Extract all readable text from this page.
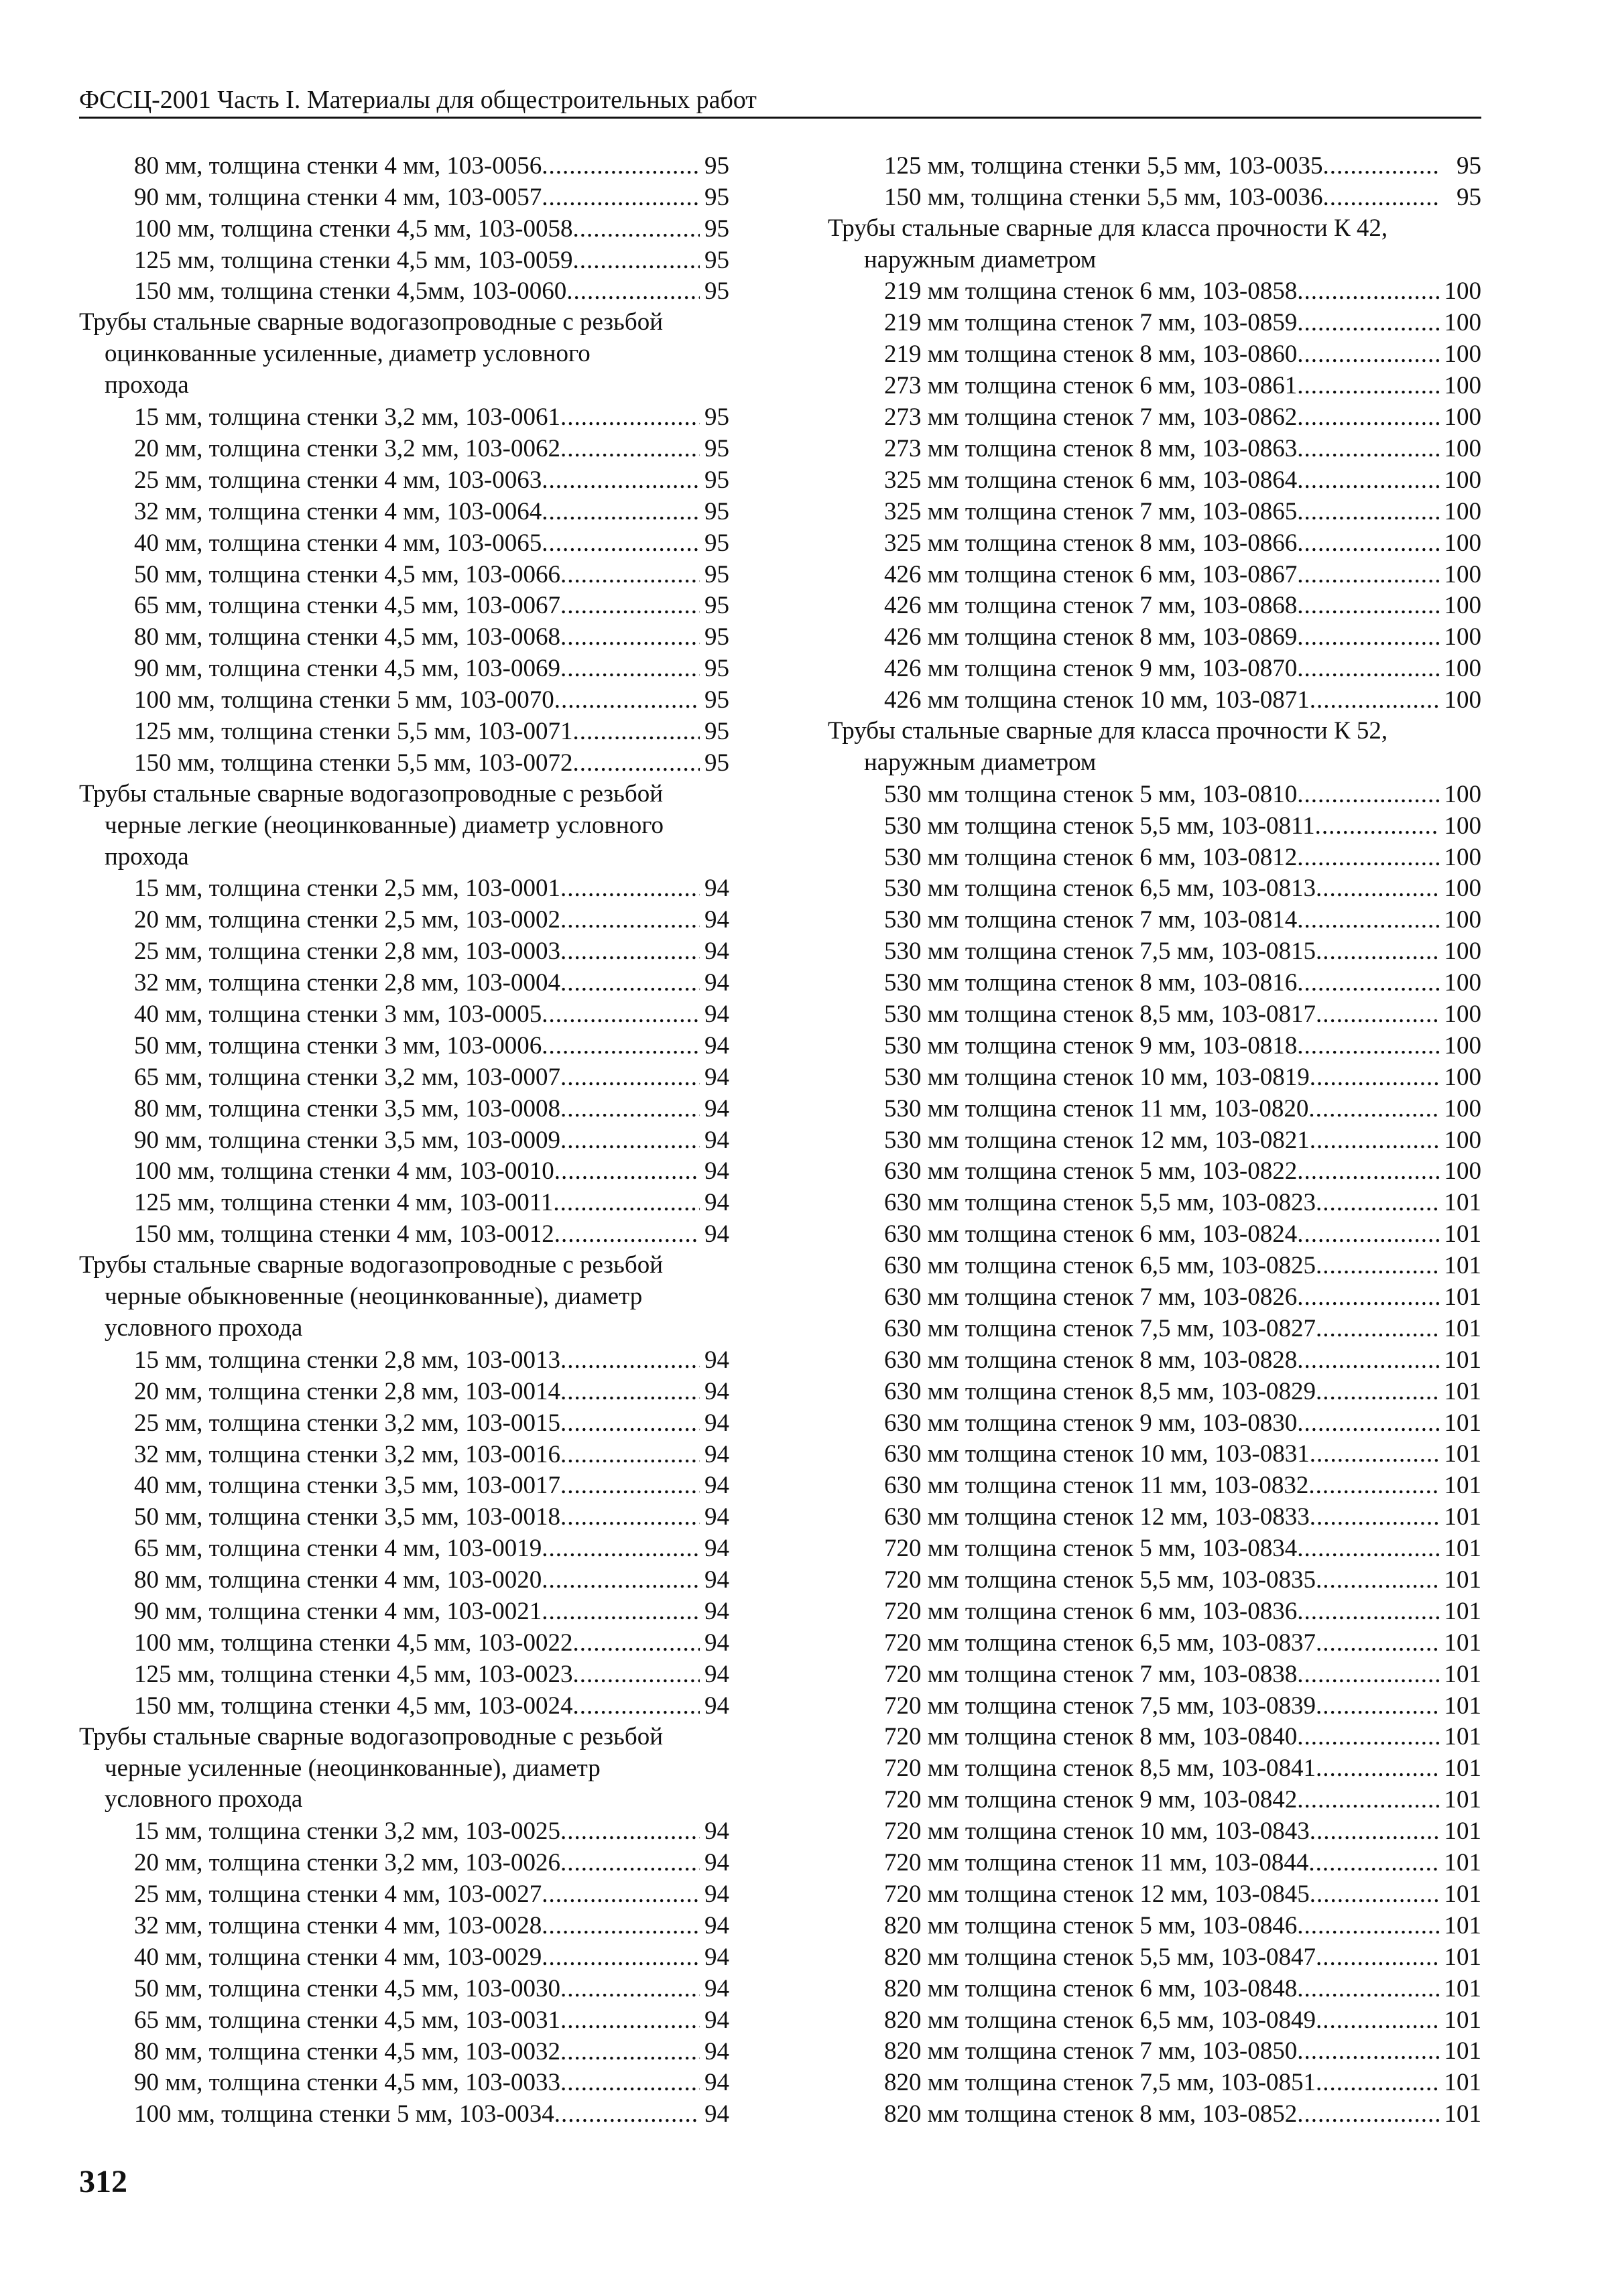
ФССЦ-2001 Часть I. Материалы для общестроительных работ
80 мм, толщина стенки 4 мм, 103-0056 .....	95
90 мм, толщина стенки 4 мм, 103-0057 .....	95
100 мм, толщина стенки 4,5 мм, 103-0058 .....	95
125 мм, толщина стенки 4,5 мм, 103-0059 .....	95
150 мм, толщина стенки 4,5мм, 103-0060 .....	95
Трубы стальные сварные водогазопроводные с резьбой
оцинкованные усиленные, диаметр условного
прохода
15 мм, толщина стенки 3,2 мм, 103-0061 .....	95
20 мм, толщина стенки 3,2 мм, 103-0062 .....	95
25 мм, толщина стенки 4 мм, 103-0063 .....	95
32 мм, толщина стенки 4 мм, 103-0064 .....	95
40 мм, толщина стенки 4 мм, 103-0065 .....	95
50 мм, толщина стенки 4,5 мм, 103-0066 .....	95
65 мм, толщина стенки 4,5 мм, 103-0067 .....	95
80 мм, толщина стенки 4,5 мм, 103-0068 .....	95
90 мм, толщина стенки 4,5 мм, 103-0069 .....	95
100 мм, толщина стенки 5 мм, 103-0070 .....	95
125 мм, толщина стенки 5,5 мм, 103-0071 .....	95
150 мм, толщина стенки 5,5 мм, 103-0072 .....	95
Трубы стальные сварные водогазопроводные с резьбой
черные легкие (неоцинкованные) диаметр условного
прохода
15 мм, толщина стенки 2,5 мм, 103-0001 .....	94
20 мм, толщина стенки 2,5 мм, 103-0002 .....	94
25 мм, толщина стенки 2,8 мм, 103-0003 .....	94
32 мм, толщина стенки 2,8 мм, 103-0004 .....	94
40 мм, толщина стенки 3 мм, 103-0005 .....	94
50 мм, толщина стенки 3 мм, 103-0006 .....	94
65 мм, толщина стенки 3,2 мм, 103-0007 .....	94
80 мм, толщина стенки 3,5 мм, 103-0008 .....	94
90 мм, толщина стенки 3,5 мм, 103-0009 .....	94
100 мм, толщина стенки 4 мм, 103-0010 .....	94
125 мм, толщина стенки 4 мм, 103-0011 .....	94
150 мм, толщина стенки 4 мм, 103-0012 .....	94
Трубы стальные сварные водогазопроводные с резьбой
черные обыкновенные (неоцинкованные), диаметр
условного прохода
15 мм, толщина стенки 2,8 мм, 103-0013 .....	94
20 мм, толщина стенки 2,8 мм, 103-0014 .....	94
25 мм, толщина стенки 3,2 мм, 103-0015 .....	94
32 мм, толщина стенки 3,2 мм, 103-0016 .....	94
40 мм, толщина стенки 3,5 мм, 103-0017 .....	94
50 мм, толщина стенки 3,5 мм, 103-0018 .....	94
65 мм, толщина стенки 4 мм, 103-0019 .....	94
80 мм, толщина стенки 4 мм, 103-0020 .....	94
90 мм, толщина стенки 4 мм, 103-0021 .....	94
100 мм, толщина стенки 4,5 мм, 103-0022 .....	94
125 мм, толщина стенки 4,5 мм, 103-0023 .....	94
150 мм, толщина стенки 4,5 мм, 103-0024 .....	94
Трубы стальные сварные водогазопроводные с резьбой
черные усиленные (неоцинкованные), диаметр
условного прохода
15 мм, толщина стенки 3,2 мм, 103-0025 .....	94
20 мм, толщина стенки 3,2 мм, 103-0026 .....	94
25 мм, толщина стенки 4 мм, 103-0027 .....	94
32 мм, толщина стенки 4 мм, 103-0028 .....	94
40 мм, толщина стенки 4 мм, 103-0029 .....	94
50 мм, толщина стенки 4,5 мм, 103-0030 .....	94
65 мм, толщина стенки 4,5 мм, 103-0031 .....	94
80 мм, толщина стенки 4,5 мм, 103-0032 .....	94
90 мм, толщина стенки 4,5 мм, 103-0033 .....	94
100 мм, толщина стенки 5 мм, 103-0034 .....	94
125 мм, толщина стенки 5,5 мм, 103-0035 .....	95
150 мм, толщина стенки 5,5 мм, 103-0036 .....	95
Трубы стальные сварные для класса прочности К 42,
наружным диаметром
219 мм толщина стенок 6 мм, 103-0858 .....	100
219 мм толщина стенок 7 мм, 103-0859 .....	100
219 мм толщина стенок 8 мм, 103-0860 .....	100
273 мм толщина стенок 6 мм, 103-0861 .....	100
273 мм толщина стенок 7 мм, 103-0862 .....	100
273 мм толщина стенок 8 мм, 103-0863 .....	100
325 мм толщина стенок 6 мм, 103-0864 .....	100
325 мм толщина стенок 7 мм, 103-0865 .....	100
325 мм толщина стенок 8 мм, 103-0866 .....	100
426 мм толщина стенок 6 мм, 103-0867 .....	100
426 мм толщина стенок 7 мм, 103-0868 .....	100
426 мм толщина стенок 8 мм, 103-0869 .....	100
426 мм толщина стенок 9 мм, 103-0870 .....	100
426 мм толщина стенок 10 мм, 103-0871 .....	100
Трубы стальные сварные для класса прочности К 52,
наружным диаметром
530 мм толщина стенок 5 мм, 103-0810 .....	100
530 мм толщина стенок 5,5 мм, 103-0811 .....	100
530 мм толщина стенок 6 мм, 103-0812 .....	100
530 мм толщина стенок 6,5 мм, 103-0813 .....	100
530 мм толщина стенок 7 мм, 103-0814 .....	100
530 мм толщина стенок 7,5 мм, 103-0815 .....	100
530 мм толщина стенок 8 мм, 103-0816 .....	100
530 мм толщина стенок 8,5 мм, 103-0817 .....	100
530 мм толщина стенок 9 мм, 103-0818 .....	100
530 мм толщина стенок 10 мм, 103-0819 .....	100
530 мм толщина стенок 11 мм, 103-0820 .....	100
530 мм толщина стенок 12 мм, 103-0821 .....	100
630 мм толщина стенок 5 мм, 103-0822 .....	100
630 мм толщина стенок 5,5 мм, 103-0823 .....	101
630 мм толщина стенок 6 мм, 103-0824 .....	101
630 мм толщина стенок 6,5 мм, 103-0825 .....	101
630 мм толщина стенок 7 мм, 103-0826 .....	101
630 мм толщина стенок 7,5 мм, 103-0827 .....	101
630 мм толщина стенок 8 мм, 103-0828 .....	101
630 мм толщина стенок 8,5 мм, 103-0829 .....	101
630 мм толщина стенок 9 мм, 103-0830 .....	101
630 мм толщина стенок 10 мм, 103-0831 .....	101
630 мм толщина стенок 11 мм, 103-0832 .....	101
630 мм толщина стенок 12 мм, 103-0833 .....	101
720 мм толщина стенок 5 мм, 103-0834 .....	101
720 мм толщина стенок 5,5 мм, 103-0835 .....	101
720 мм толщина стенок 6 мм, 103-0836 .....	101
720 мм толщина стенок 6,5 мм, 103-0837 .....	101
720 мм толщина стенок 7 мм, 103-0838 .....	101
720 мм толщина стенок 7,5 мм, 103-0839 .....	101
720 мм толщина стенок 8 мм, 103-0840 .....	101
720 мм толщина стенок 8,5 мм, 103-0841 .....	101
720 мм толщина стенок 9 мм, 103-0842 .....	101
720 мм толщина стенок 10 мм, 103-0843 .....	101
720 мм толщина стенок 11 мм, 103-0844 .....	101
720 мм толщина стенок 12 мм, 103-0845 .....	101
820 мм толщина стенок 5 мм, 103-0846 .....	101
820 мм толщина стенок 5,5 мм, 103-0847 .....	101
820 мм толщина стенок 6 мм, 103-0848 .....	101
820 мм толщина стенок 6,5 мм, 103-0849 .....	101
820 мм толщина стенок 7 мм, 103-0850 .....	101
820 мм толщина стенок 7,5 мм, 103-0851 .....	101
820 мм толщина стенок 8 мм, 103-0852 .....	101
312
